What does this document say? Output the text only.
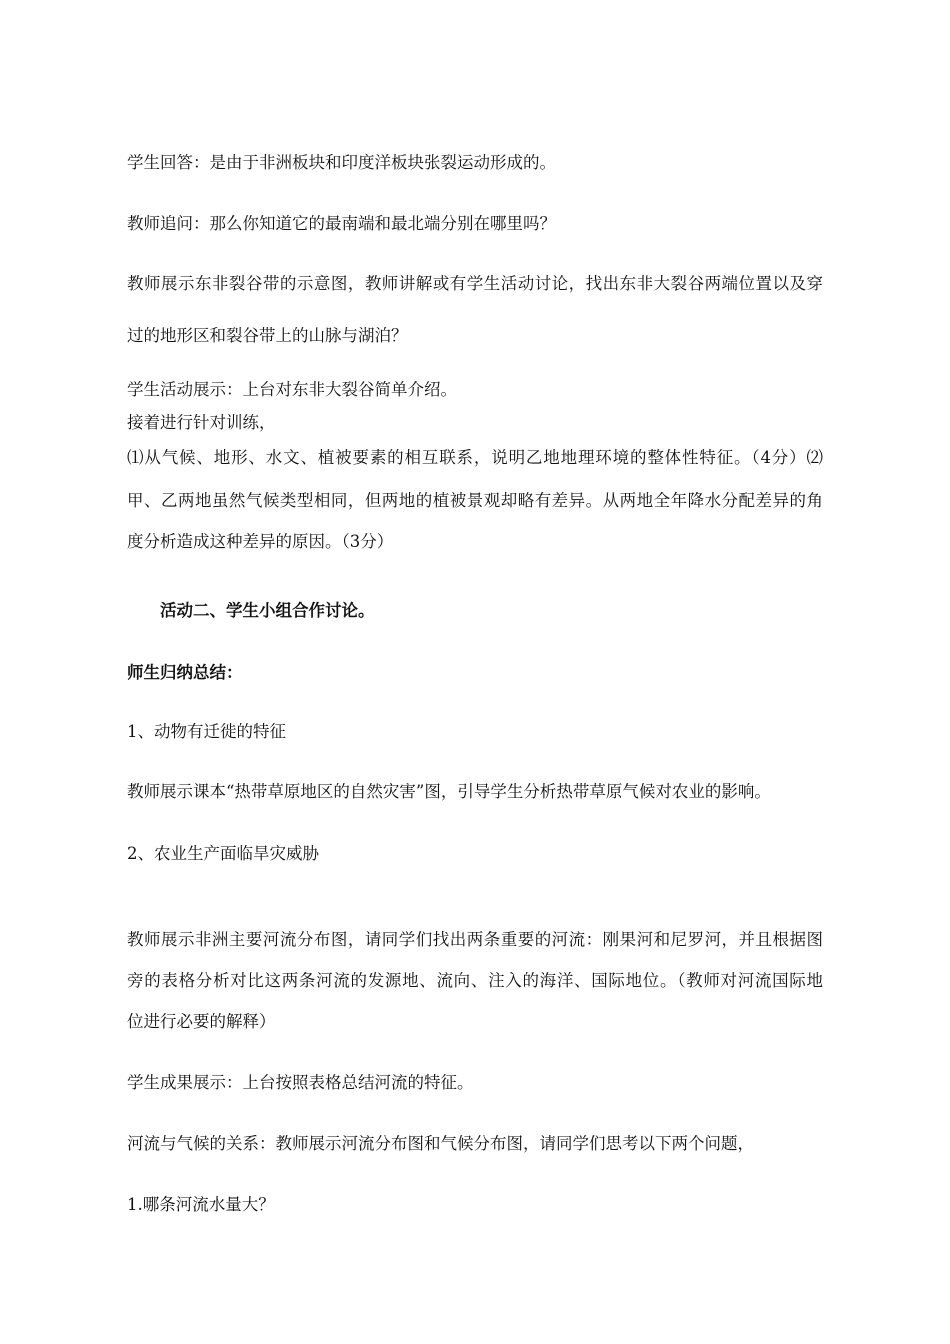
学生回答：是由于非洲板块和印度洋板块张裂运动形成的。
教师追问：那么你知道它的最南端和最北端分别在哪里吗？
教师展示东非裂谷带的示意图，教师讲解或有学生活动讨论，找出东非大裂谷两端位置以及穿
过的地形区和裂谷带上的山脉与湖泊？
学生活动展示：上台对东非大裂谷简单介绍。
接着进行针对训练，
⑴从气候、地形、水文、植被要素的相互联系，说明乙地地理环境的整体性特征。（4分）⑵
甲、乙两地虽然气候类型相同，但两地的植被景观却略有差异。从两地全年降水分配差异的角
度分析造成这种差异的原因。（3分）
活动二、学生小组合作讨论。
师生归纳总结：
1、动物有迁徙的特征
教师展示课本“热带草原地区的自然灾害”图，引导学生分析热带草原气候对农业的影响。
2、农业生产面临旱灾威胁
教师展示非洲主要河流分布图，请同学们找出两条重要的河流：刚果河和尼罗河，并且根据图
旁的表格分析对比这两条河流的发源地、流向、注入的海洋、国际地位。（教师对河流国际地
位进行必要的解释）
学生成果展示：上台按照表格总结河流的特征。
河流与气候的关系：教师展示河流分布图和气候分布图，请同学们思考以下两个问题，
1.哪条河流水量大？
